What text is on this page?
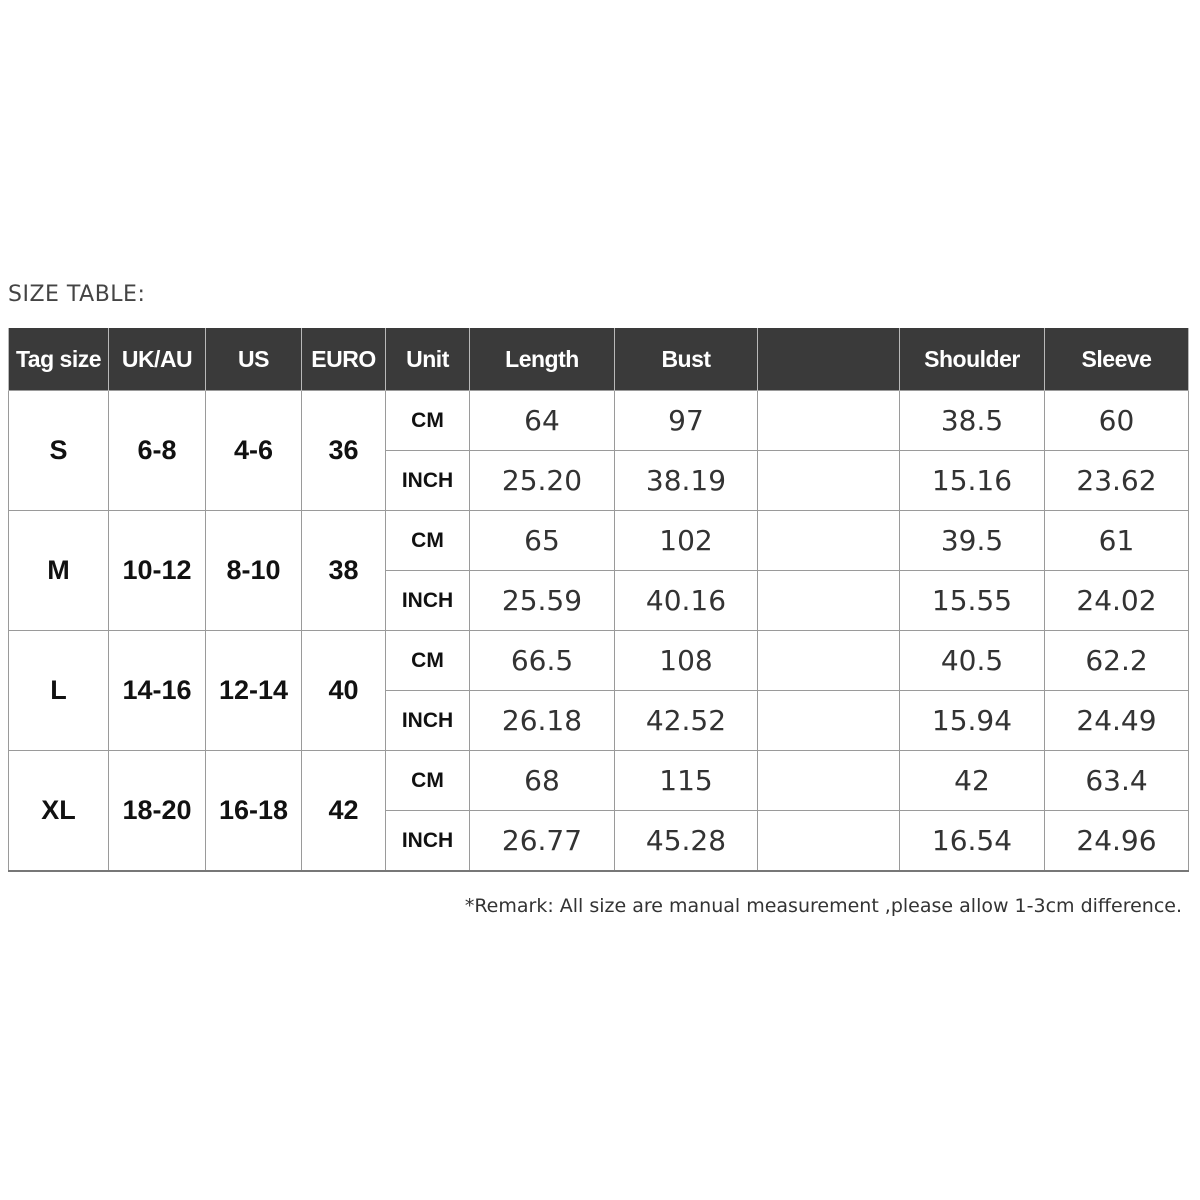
SIZE TABLE:
Tag size	UK/AU	US	EURO	Unit	Length	Bust		Shoulder	Sleeve
S	6-8	4-6	36	CM	64	97		38.5	60
				INCH	25.20	38.19		15.16	23.62
M	10-12	8-10	38	CM	65	102		39.5	61
				INCH	25.59	40.16		15.55	24.02
L	14-16	12-14	40	CM	66.5	108		40.5	62.2
				INCH	26.18	42.52		15.94	24.49
XL	18-20	16-18	42	CM	68	115		42	63.4
				INCH	26.77	45.28		16.54	24.96
*Remark: All size are manual measurement ,please allow 1-3cm difference.
